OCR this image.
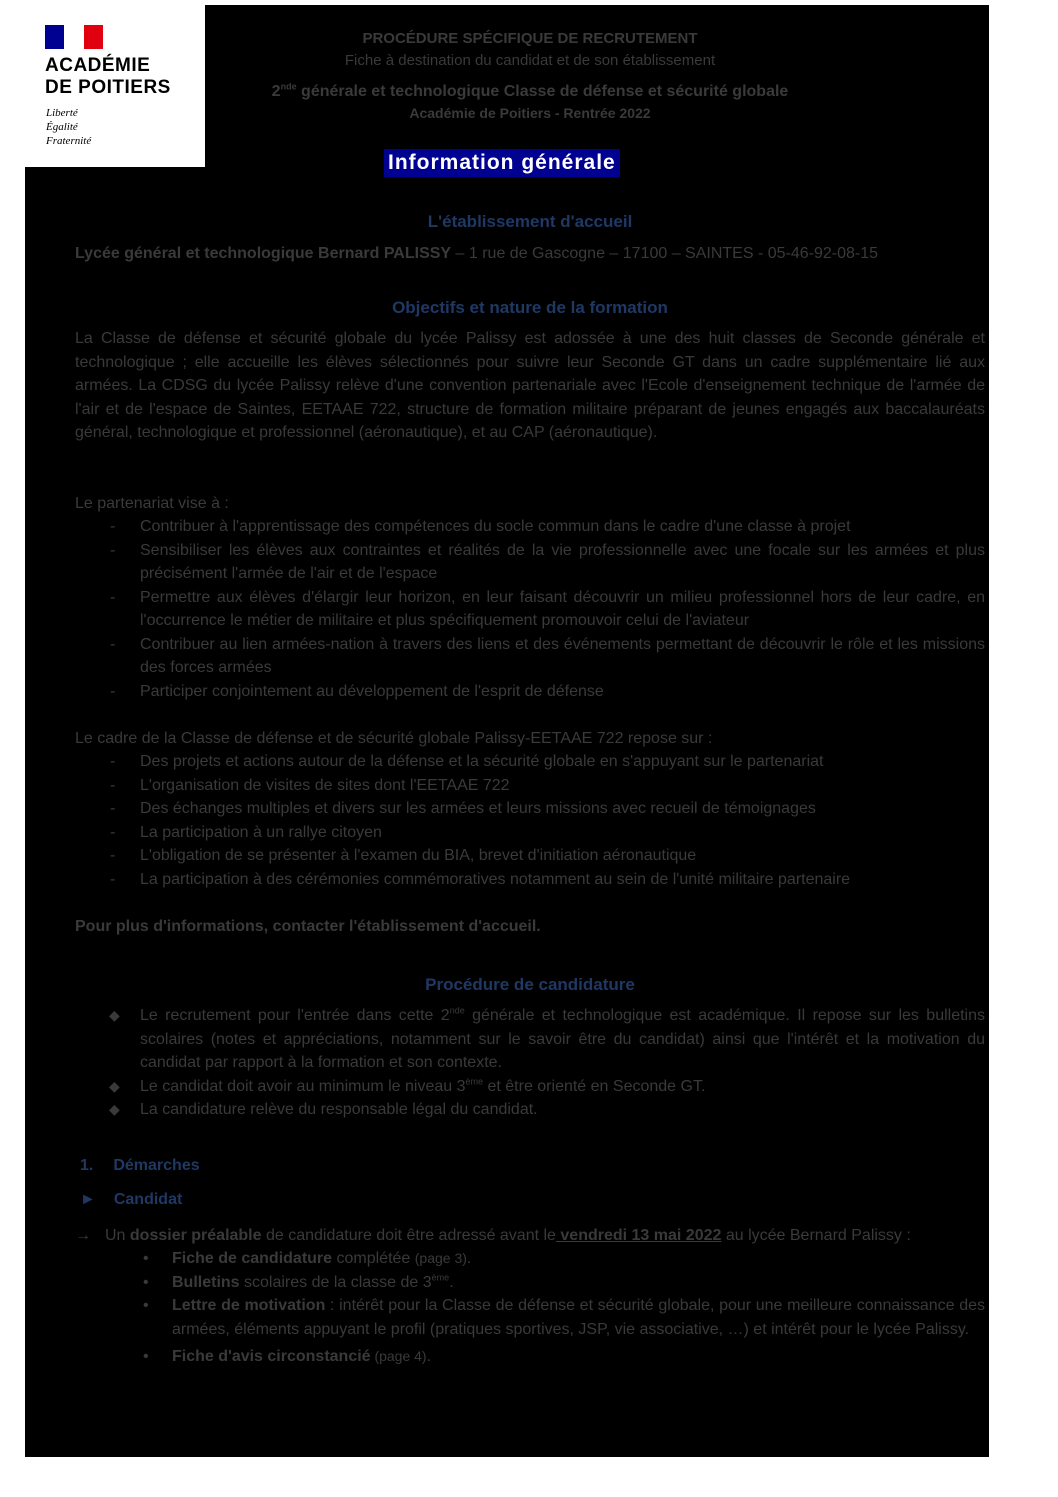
ACADÉMIE
DE POITIERS
Liberté
Égalité
Fraternité
PROCÉDURE SPÉCIFIQUE DE RECRUTEMENT
Fiche à destination du candidat et de son établissement
2nde générale et technologique Classe de défense et sécurité globale
Académie de Poitiers - Rentrée 2022
Information générale
L'établissement d'accueil
Lycée général et technologique Bernard PALISSY – 1 rue de Gascogne – 17100 – SAINTES - 05-46-92-08-15
Objectifs et nature de la formation
La Classe de défense et sécurité globale du lycée Palissy est adossée à une des huit classes de Seconde générale et technologique ; elle accueille les élèves sélectionnés pour suivre leur Seconde GT dans un cadre supplémentaire lié aux armées. La CDSG du lycée Palissy relève d'une convention partenariale avec l'Ecole d'enseignement technique de l'armée de l'air et de l'espace de Saintes, EETAAE 722, structure de formation militaire préparant de jeunes engagés aux baccalauréats général, technologique et professionnel (aéronautique), et au CAP (aéronautique).
Le partenariat vise à :
- Contribuer à l'apprentissage des compétences du socle commun dans le cadre d'une classe à projet
- Sensibiliser les élèves aux contraintes et réalités de la vie professionnelle avec une focale sur les armées et plus précisément l'armée de l'air et de l'espace
- Permettre aux élèves d'élargir leur horizon, en leur faisant découvrir un milieu professionnel hors de leur cadre, en l'occurrence le métier de militaire et plus spécifiquement promouvoir celui de l'aviateur
- Contribuer au lien armées-nation à travers des liens et des événements permettant de découvrir le rôle et les missions des forces armées
- Participer conjointement au développement de l'esprit de défense
Le cadre de la Classe de défense et de sécurité globale Palissy-EETAAE 722 repose sur :
- Des projets et actions autour de la défense et la sécurité globale en s'appuyant sur le partenariat
- L'organisation de visites de sites dont l'EETAAE 722
- Des échanges multiples et divers sur les armées et leurs missions avec recueil de témoignages
- La participation à un rallye citoyen
- L'obligation de se présenter à l'examen du BIA, brevet d'initiation aéronautique
- La participation à des cérémonies commémoratives notamment au sein de l'unité militaire partenaire
Pour plus d'informations, contacter l'établissement d'accueil.
Procédure de candidature
◆ Le recrutement pour l'entrée dans cette 2nde générale et technologique est académique. Il repose sur les bulletins scolaires (notes et appréciations, notamment sur le savoir être du candidat) ainsi que l'intérêt et la motivation du candidat par rapport à la formation et son contexte.
◆ Le candidat doit avoir au minimum le niveau 3ème et être orienté en Seconde GT.
◆ La candidature relève du responsable légal du candidat.
1. Démarches
► Candidat
→ Un dossier préalable de candidature doit être adressé avant le vendredi 13 mai 2022 au lycée Bernard Palissy :
• Fiche de candidature complétée (page 3).
• Bulletins scolaires de la classe de 3ème.
• Lettre de motivation : intérêt pour la Classe de défense et sécurité globale, pour une meilleure connaissance des armées, éléments appuyant le profil (pratiques sportives, JSP, vie associative, …) et intérêt pour le lycée Palissy.
• Fiche d'avis circonstancié (page 4).
